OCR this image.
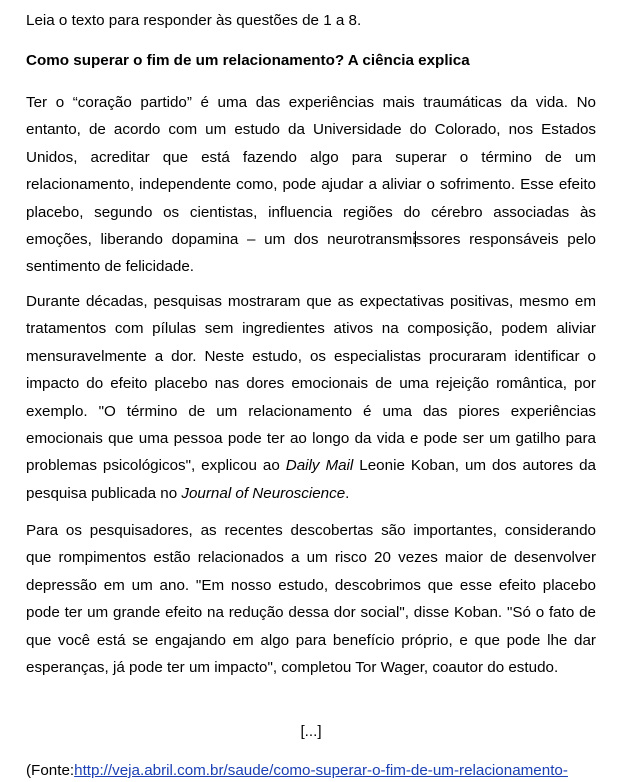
Leia o texto para responder às questões de 1 a 8.

Como superar o fim de um relacionamento? A ciência explica

Ter o “coração partido” é uma das experiências mais traumáticas da vida. No entanto, de acordo com um estudo da Universidade do Colorado, nos Estados Unidos, acreditar que está fazendo algo para superar o término de um relacionamento, independente como, pode ajudar a aliviar o sofrimento. Esse efeito placebo, segundo os cientistas, influencia regiões do cérebro associadas às emoções, liberando dopamina – um dos neurotransmissores responsáveis pelo sentimento de felicidade.

Durante décadas, pesquisas mostraram que as expectativas positivas, mesmo em tratamentos com pílulas sem ingredientes ativos na composição, podem aliviar mensuravelmente a dor. Neste estudo, os especialistas procuraram identificar o impacto do efeito placebo nas dores emocionais de uma rejeição romântica, por exemplo. "O término de um relacionamento é uma das piores experiências emocionais que uma pessoa pode ter ao longo da vida e pode ser um gatilho para problemas psicológicos", explicou ao Daily Mail Leonie Koban, um dos autores da pesquisa publicada no Journal of Neuroscience.

Para os pesquisadores, as recentes descobertas são importantes, considerando que rompimentos estão relacionados a um risco 20 vezes maior de desenvolver depressão em um ano. "Em nosso estudo, descobrimos que esse efeito placebo pode ter um grande efeito na redução dessa dor social", disse Koban. "Só o fato de que você está se engajando em algo para benefício próprio, e que pode lhe dar esperanças, já pode ter um impacto", completou Tor Wager, coautor do estudo.

[...]

(Fonte:http://veja.abril.com.br/saude/como-superar-o-fim-de-um-relacionamento-
